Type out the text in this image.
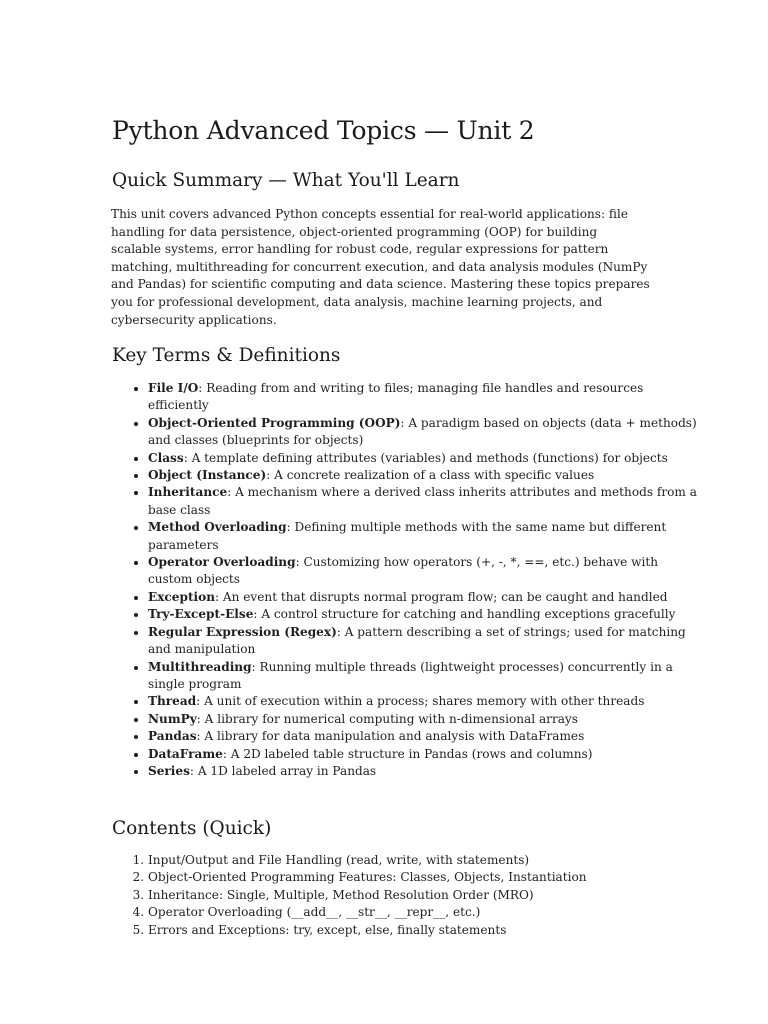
Python Advanced Topics — Unit 2
Quick Summary — What You'll Learn

This unit covers advanced Python concepts essential for real-world applications: file handling for data persistence, object-oriented programming (OOP) for building scalable systems, error handling for robust code, regular expressions for pattern matching, multithreading for concurrent execution, and data analysis modules (NumPy and Pandas) for scientific computing and data science. Mastering these topics prepares you for professional development, data analysis, machine learning projects, and cybersecurity applications.

Key Terms & Definitions
• File I/O: Reading from and writing to files; managing file handles and resources efficiently
• Object-Oriented Programming (OOP): A paradigm based on objects (data + methods) and classes (blueprints for objects)
• Class: A template defining attributes (variables) and methods (functions) for objects
• Object (Instance): A concrete realization of a class with specific values
• Inheritance: A mechanism where a derived class inherits attributes and methods from a base class
• Method Overloading: Defining multiple methods with the same name but different parameters
• Operator Overloading: Customizing how operators (+, -, *, ==, etc.) behave with custom objects
• Exception: An event that disrupts normal program flow; can be caught and handled
• Try-Except-Else: A control structure for catching and handling exceptions gracefully
• Regular Expression (Regex): A pattern describing a set of strings; used for matching and manipulation
• Multithreading: Running multiple threads (lightweight processes) concurrently in a single program
• Thread: A unit of execution within a process; shares memory with other threads
• NumPy: A library for numerical computing with n-dimensional arrays
• Pandas: A library for data manipulation and analysis with DataFrames
• DataFrame: A 2D labeled table structure in Pandas (rows and columns)
• Series: A 1D labeled array in Pandas
Contents (Quick)
1. Input/Output and File Handling (read, write, with statements)
2. Object-Oriented Programming Features: Classes, Objects, Instantiation
3. Inheritance: Single, Multiple, Method Resolution Order (MRO)
4. Operator Overloading (__add__, __str__, __repr__, etc.)
5. Errors and Exceptions: try, except, else, finally statements
